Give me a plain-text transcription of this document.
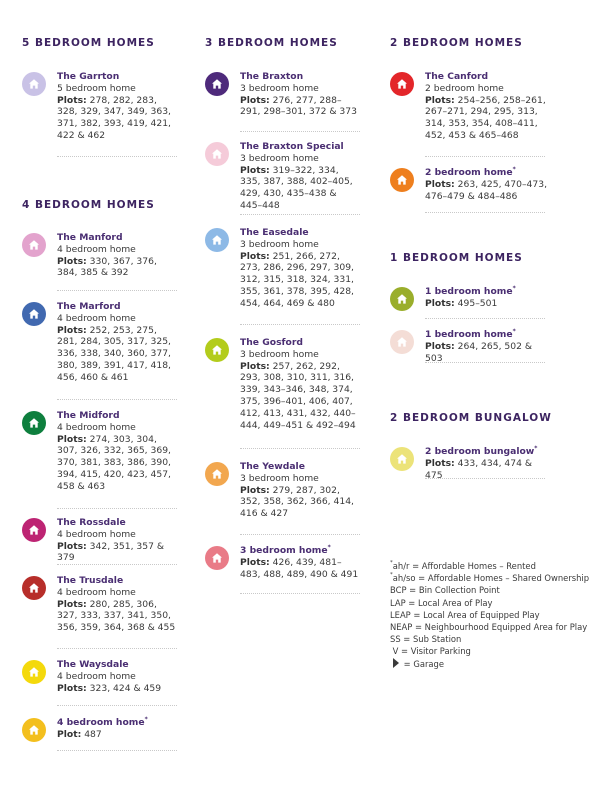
5 BEDROOM HOMES
The Garrton
5 bedroom home
Plots: 278, 282, 283, 328, 329, 347, 349, 363, 371, 382, 393, 419, 421, 422 & 462
4 BEDROOM HOMES
The Manford
4 bedroom home
Plots: 330, 367, 376, 384, 385 & 392
The Marford
4 bedroom home
Plots: 252, 253, 275, 281, 284, 305, 317, 325, 336, 338, 340, 360, 377, 380, 389, 391, 417, 418, 456, 460 & 461
The Midford
4 bedroom home
Plots: 274, 303, 304, 307, 326, 332, 365, 369, 370, 381, 383, 386, 390, 394, 415, 420, 423, 457, 458 & 463
The Rossdale
4 bedroom home
Plots: 342, 351, 357 & 379
The Trusdale
4 bedroom home
Plots: 280, 285, 306, 327, 333, 337, 341, 350, 356, 359, 364, 368 & 455
The Waysdale
4 bedroom home
Plots: 323, 424 & 459
4 bedroom home*
Plot: 487
3 BEDROOM HOMES
The Braxton
3 bedroom home
Plots: 276, 277, 288–291, 298–301, 372 & 373
The Braxton Special
3 bedroom home
Plots: 319–322, 334, 335, 387, 388, 402–405, 429, 430, 435–438 & 445–448
The Easedale
3 bedroom home
Plots: 251, 266, 272, 273, 286, 296, 297, 309, 312, 315, 318, 324, 331, 355, 361, 378, 395, 428, 454, 464, 469 & 480
The Gosford
3 bedroom home
Plots: 257, 262, 292, 293, 308, 310, 311, 316, 339, 343–346, 348, 374, 375, 396–401, 406, 407, 412, 413, 431, 432, 440–444, 449–451 & 492–494
The Yewdale
3 bedroom home
Plots: 279, 287, 302, 352, 358, 362, 366, 414, 416 & 427
3 bedroom home*
Plots: 426, 439, 481–483, 488, 489, 490 & 491
2 BEDROOM HOMES
The Canford
2 bedroom home
Plots: 254–256, 258–261, 267–271, 294, 295, 313, 314, 353, 354, 408–411, 452, 453 & 465–468
2 bedroom home*
Plots: 263, 425, 470–473, 476–479 & 484–486
1 BEDROOM HOMES
1 bedroom home*
Plots: 495–501
1 bedroom home*
Plots: 264, 265, 502 & 503
2 BEDROOM BUNGALOW
2 bedroom bungalow*
Plots: 433, 434, 474 & 475
*ah/r = Affordable Homes – Rented
*ah/so = Affordable Homes – Shared Ownership
BCP = Bin Collection Point
LAP = Local Area of Play
LEAP = Local Area of Equipped Play
NEAP = Neighbourhood Equipped Area for Play
SS = Sub Station
V = Visitor Parking
= Garage
